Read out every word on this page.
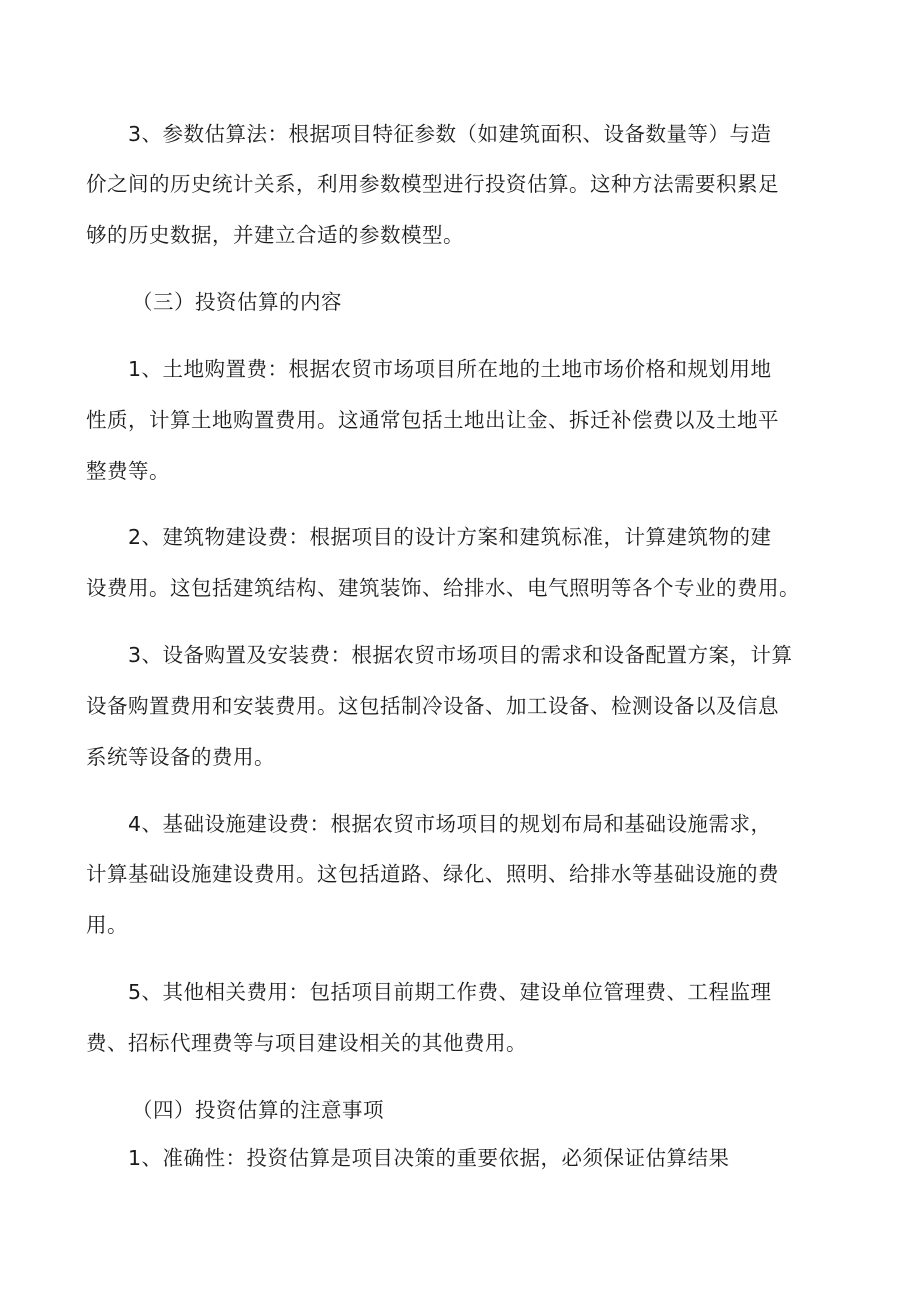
　　3、参数估算法：根据项目特征参数（如建筑面积、设备数量等）与造
价之间的历史统计关系，利用参数模型进行投资估算。这种方法需要积累足
够的历史数据，并建立合适的参数模型。
（三）投资估算的内容
　　1、土地购置费：根据农贸市场项目所在地的土地市场价格和规划用地
性质，计算土地购置费用。这通常包括土地出让金、拆迁补偿费以及土地平
整费等。
　　2、建筑物建设费：根据项目的设计方案和建筑标准，计算建筑物的建
设费用。这包括建筑结构、建筑装饰、给排水、电气照明等各个专业的费用。
　　3、设备购置及安装费：根据农贸市场项目的需求和设备配置方案，计算
设备购置费用和安装费用。这包括制冷设备、加工设备、检测设备以及信息
系统等设备的费用。
　　4、基础设施建设费：根据农贸市场项目的规划布局和基础设施需求，
计算基础设施建设费用。这包括道路、绿化、照明、给排水等基础设施的费
用。
　　5、其他相关费用：包括项目前期工作费、建设单位管理费、工程监理
费、招标代理费等与项目建设相关的其他费用。
（四）投资估算的注意事项
　　1、准确性：投资估算是项目决策的重要依据，必须保证估算结果
